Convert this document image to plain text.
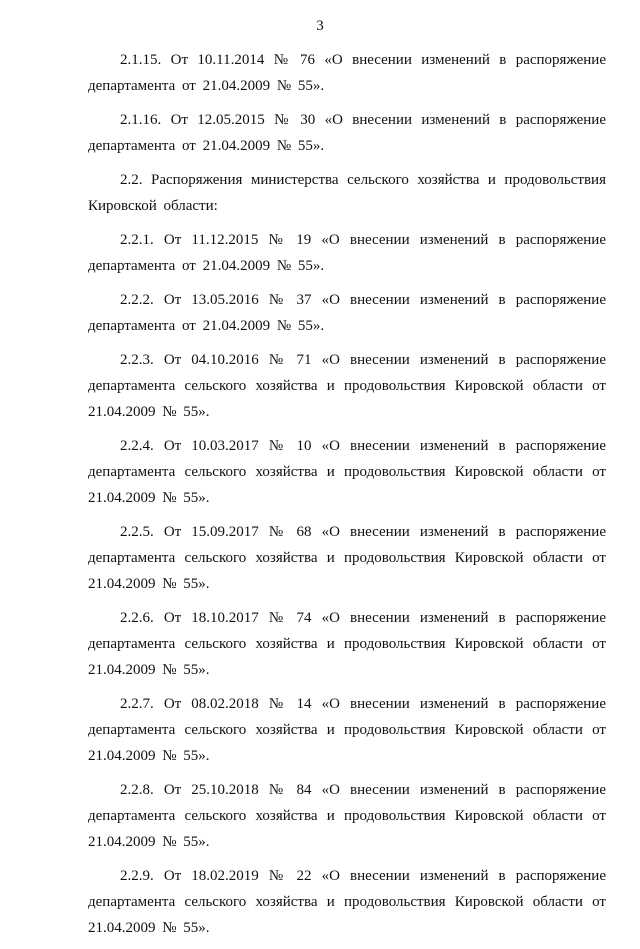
3

2.1.15. От 10.11.2014 № 76 «О внесении изменений в распоряжение департамента от 21.04.2009 № 55».

2.1.16. От 12.05.2015 № 30 «О внесении изменений в распоряжение департамента от 21.04.2009 № 55».

2.2. Распоряжения министерства сельского хозяйства и продовольствия Кировской области:

2.2.1. От 11.12.2015 № 19 «О внесении изменений в распоряжение департамента от 21.04.2009 № 55».

2.2.2. От 13.05.2016 № 37 «О внесении изменений в распоряжение департамента от 21.04.2009 № 55».

2.2.3. От 04.10.2016 № 71 «О внесении изменений в распоряжение департамента сельского хозяйства и продовольствия Кировской области от 21.04.2009 № 55».

2.2.4. От 10.03.2017 № 10 «О внесении изменений в распоряжение департамента сельского хозяйства и продовольствия Кировской области от 21.04.2009 № 55».

2.2.5. От 15.09.2017 № 68 «О внесении изменений в распоряжение департамента сельского хозяйства и продовольствия Кировской области от 21.04.2009 № 55».

2.2.6. От 18.10.2017 № 74 «О внесении изменений в распоряжение департамента сельского хозяйства и продовольствия Кировской области от 21.04.2009 № 55».

2.2.7. От 08.02.2018 № 14 «О внесении изменений в распоряжение департамента сельского хозяйства и продовольствия Кировской области от 21.04.2009 № 55».

2.2.8. От 25.10.2018 № 84 «О внесении изменений в распоряжение департамента сельского хозяйства и продовольствия Кировской области от 21.04.2009 № 55».

2.2.9. От 18.02.2019 № 22 «О внесении изменений в распоряжение департамента сельского хозяйства и продовольствия Кировской области от 21.04.2009 № 55».
